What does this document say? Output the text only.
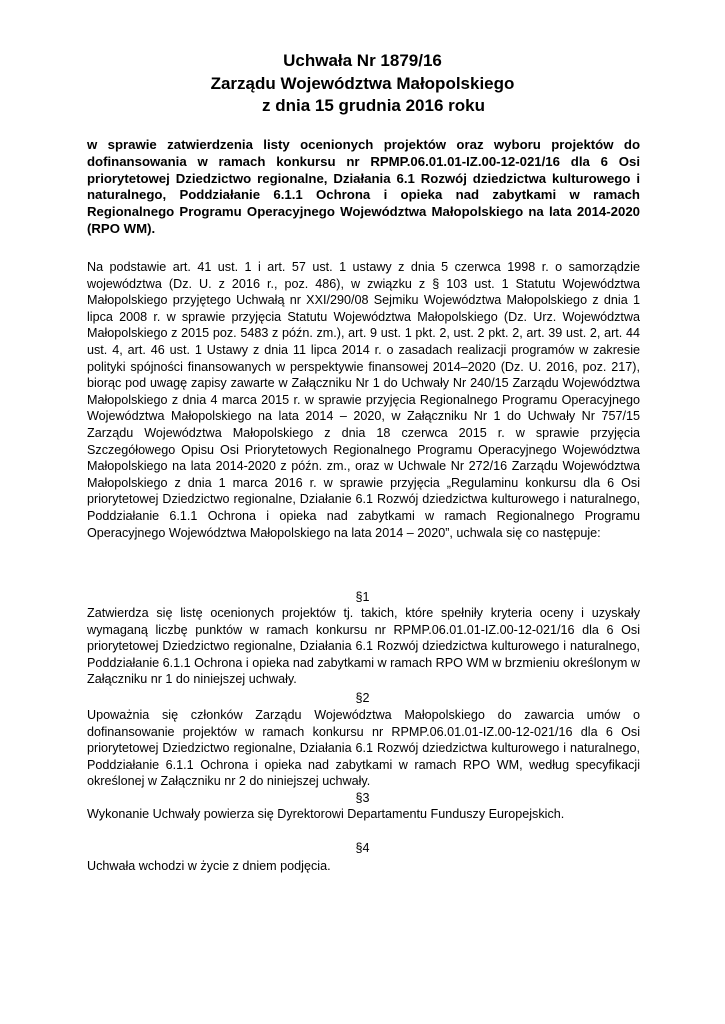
Uchwała Nr 1879/16
Zarządu Województwa Małopolskiego
z dnia 15 grudnia 2016 roku
w sprawie zatwierdzenia listy ocenionych projektów oraz wyboru projektów do dofinansowania w ramach konkursu nr RPMP.06.01.01-IZ.00-12-021/16 dla 6 Osi priorytetowej Dziedzictwo regionalne, Działania 6.1 Rozwój dziedzictwa kulturowego i naturalnego, Poddziałanie 6.1.1 Ochrona i opieka nad zabytkami w ramach Regionalnego Programu Operacyjnego Województwa Małopolskiego na lata 2014-2020 (RPO WM).
Na podstawie art. 41 ust. 1 i art. 57 ust. 1 ustawy z dnia 5 czerwca 1998 r. o samorządzie województwa (Dz. U. z 2016 r., poz. 486), w związku z § 103 ust. 1 Statutu Województwa Małopolskiego przyjętego Uchwałą nr XXI/290/08 Sejmiku Województwa Małopolskiego z dnia 1 lipca 2008 r. w sprawie przyjęcia Statutu Województwa Małopolskiego (Dz. Urz. Województwa Małopolskiego z 2015 poz. 5483 z późn. zm.), art. 9 ust. 1 pkt. 2, ust. 2 pkt. 2, art. 39 ust. 2, art. 44 ust. 4, art. 46 ust. 1 Ustawy z dnia 11 lipca 2014 r. o zasadach realizacji programów w zakresie polityki spójności finansowanych w perspektywie finansowej 2014–2020 (Dz. U. 2016, poz. 217), biorąc pod uwagę zapisy zawarte w Załączniku Nr 1 do Uchwały Nr 240/15 Zarządu Województwa Małopolskiego z dnia 4 marca 2015 r. w sprawie przyjęcia Regionalnego Programu Operacyjnego Województwa Małopolskiego na lata 2014 – 2020, w Załączniku Nr 1 do Uchwały Nr 757/15 Zarządu Województwa Małopolskiego z dnia 18 czerwca 2015 r. w sprawie przyjęcia Szczegółowego Opisu Osi Priorytetowych Regionalnego Programu Operacyjnego Województwa Małopolskiego na lata 2014-2020 z późn. zm., oraz w Uchwale Nr 272/16 Zarządu Województwa Małopolskiego z dnia 1 marca 2016 r. w sprawie przyjęcia „Regulaminu konkursu dla 6 Osi priorytetowej Dziedzictwo regionalne, Działanie 6.1 Rozwój dziedzictwa kulturowego i naturalnego, Poddziałanie 6.1.1 Ochrona i opieka nad zabytkami w ramach Regionalnego Programu Operacyjnego Województwa Małopolskiego na lata 2014 – 2020”, uchwala się co następuje:
§1
Zatwierdza się listę ocenionych projektów tj. takich, które spełniły kryteria oceny i uzyskały wymaganą liczbę punktów w ramach konkursu nr RPMP.06.01.01-IZ.00-12-021/16 dla 6 Osi priorytetowej Dziedzictwo regionalne, Działania 6.1 Rozwój dziedzictwa kulturowego i naturalnego, Poddziałanie 6.1.1 Ochrona i opieka nad zabytkami w ramach RPO WM w brzmieniu określonym w Załączniku nr 1 do niniejszej uchwały.
§2
Upoważnia się członków Zarządu Województwa Małopolskiego do zawarcia umów o dofinansowanie projektów w ramach konkursu nr RPMP.06.01.01-IZ.00-12-021/16 dla 6 Osi priorytetowej Dziedzictwo regionalne, Działania 6.1 Rozwój dziedzictwa kulturowego i naturalnego, Poddziałanie 6.1.1 Ochrona i opieka nad zabytkami w ramach RPO WM, według specyfikacji określonej w Załączniku nr 2 do niniejszej uchwały.
§3
Wykonanie Uchwały powierza się Dyrektorowi Departamentu Funduszy Europejskich.
§4
Uchwała wchodzi w życie z dniem podjęcia.
